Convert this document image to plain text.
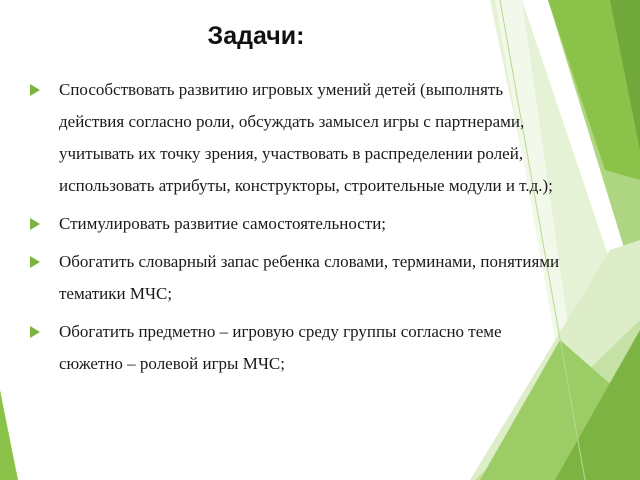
Задачи:
Способствовать развитию игровых умений детей (выполнять действия согласно роли, обсуждать замысел игры с партнерами, учитывать их точку зрения, участвовать в распределении ролей, использовать атрибуты, конструкторы, строительные модули и т.д.);
Стимулировать развитие самостоятельности;
Обогатить словарный запас ребенка словами, терминами, понятиями тематики МЧС;
Обогатить предметно – игровую среду группы согласно теме сюжетно – ролевой игры МЧС;
